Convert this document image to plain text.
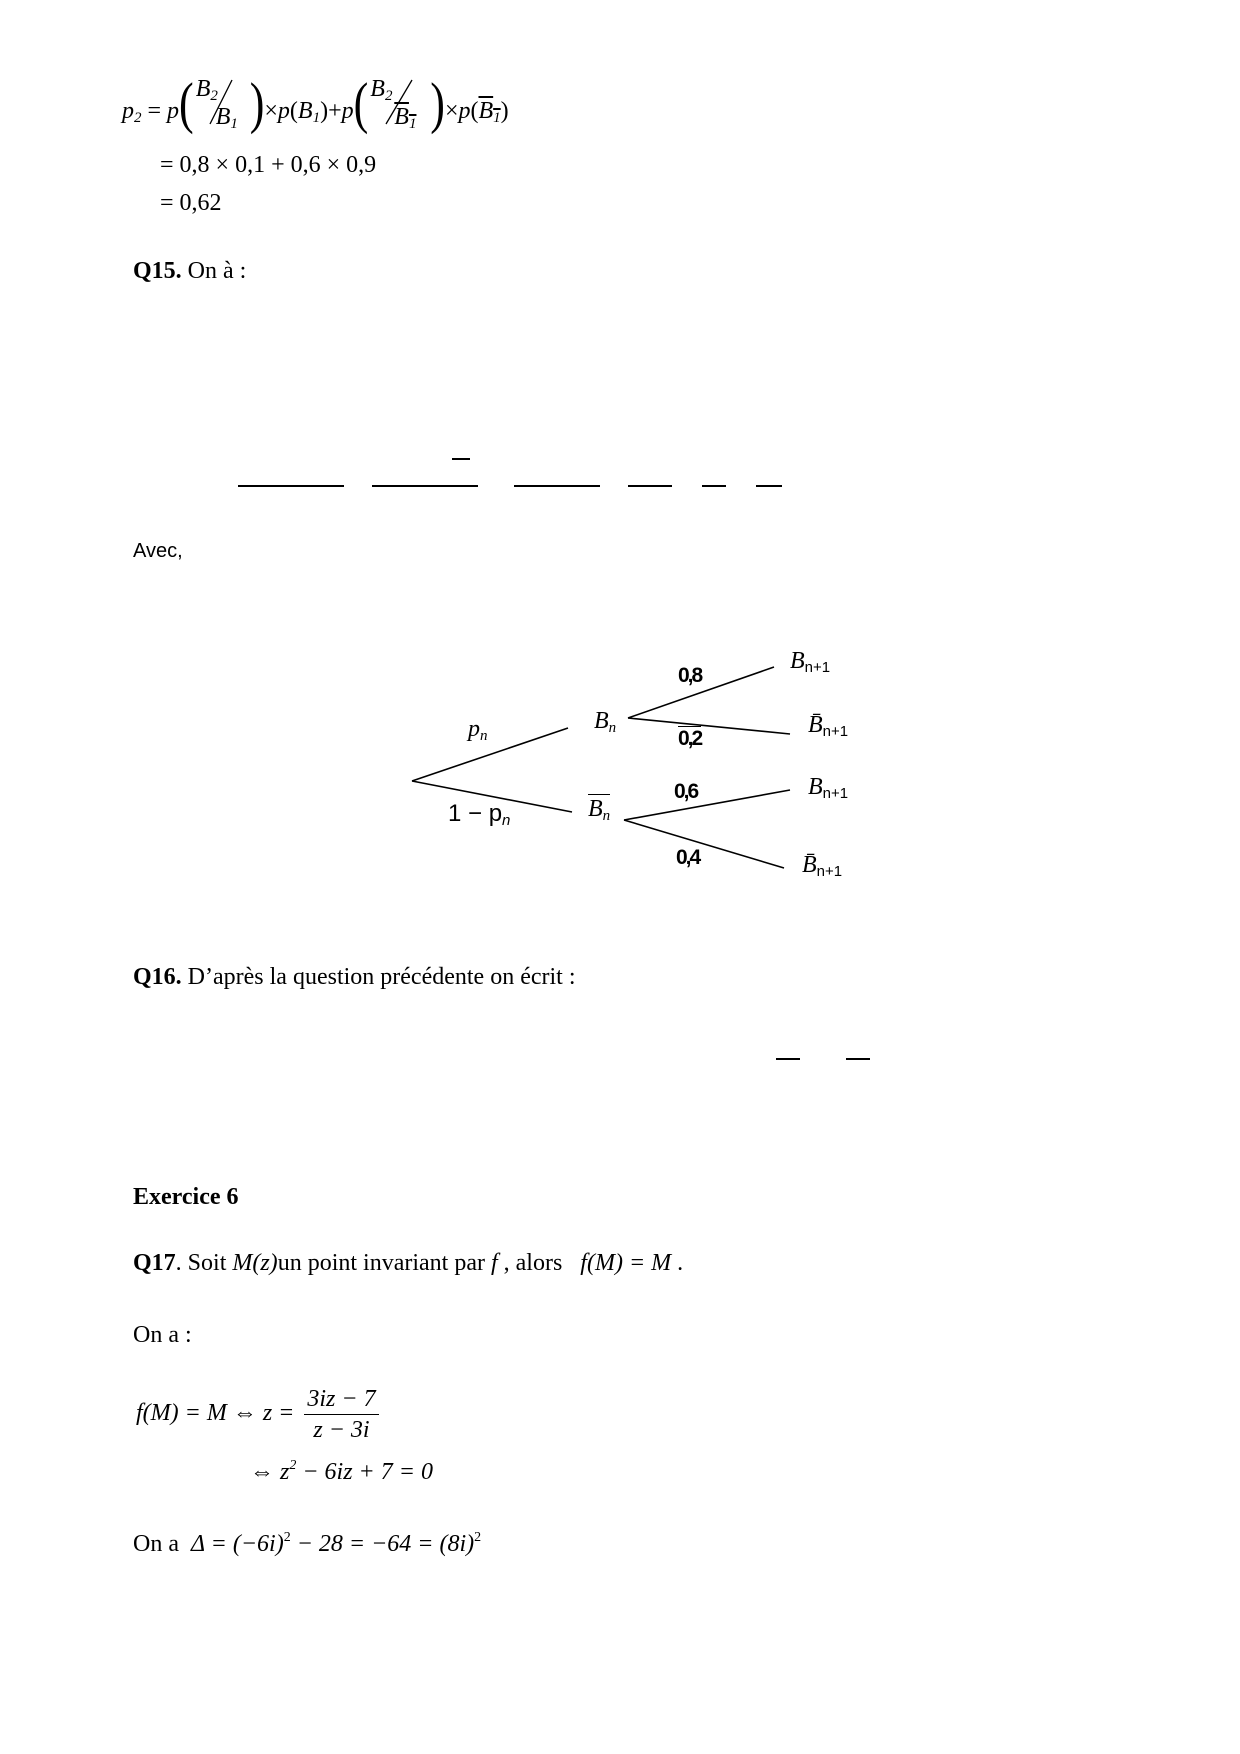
$p_2 = p$( $B_2$
$B_1$ )$\times p(B_1)+p$( $B_2$
$B_1$ )$\times p(B_1)$
= 0,8 × 0,1 + 0,6 × 0,9
= 0,62
Q15. On à :
Avec,
$p_n$
$1 - p_n$
$B_n$
$B_n$
0,8
0,2
0,6
0,4
$B_{n+1}$
$B̄_{n+1}$
$B_{n+1}$
$B̄_{n+1}$
Q16. D’après la question précédente on écrit :
Exercice 6
Q17. Soit M(z)un point invariant par f , alors   f(M) = M .
On a :
f(M) = M ⇔ $z = \frac{3iz - 7}{z - 3i}$
⇔ $z^2 - 6iz + 7 = 0$
On a  $\Delta = (-6i)^2 - 28 = -64 = (8i)^2$
